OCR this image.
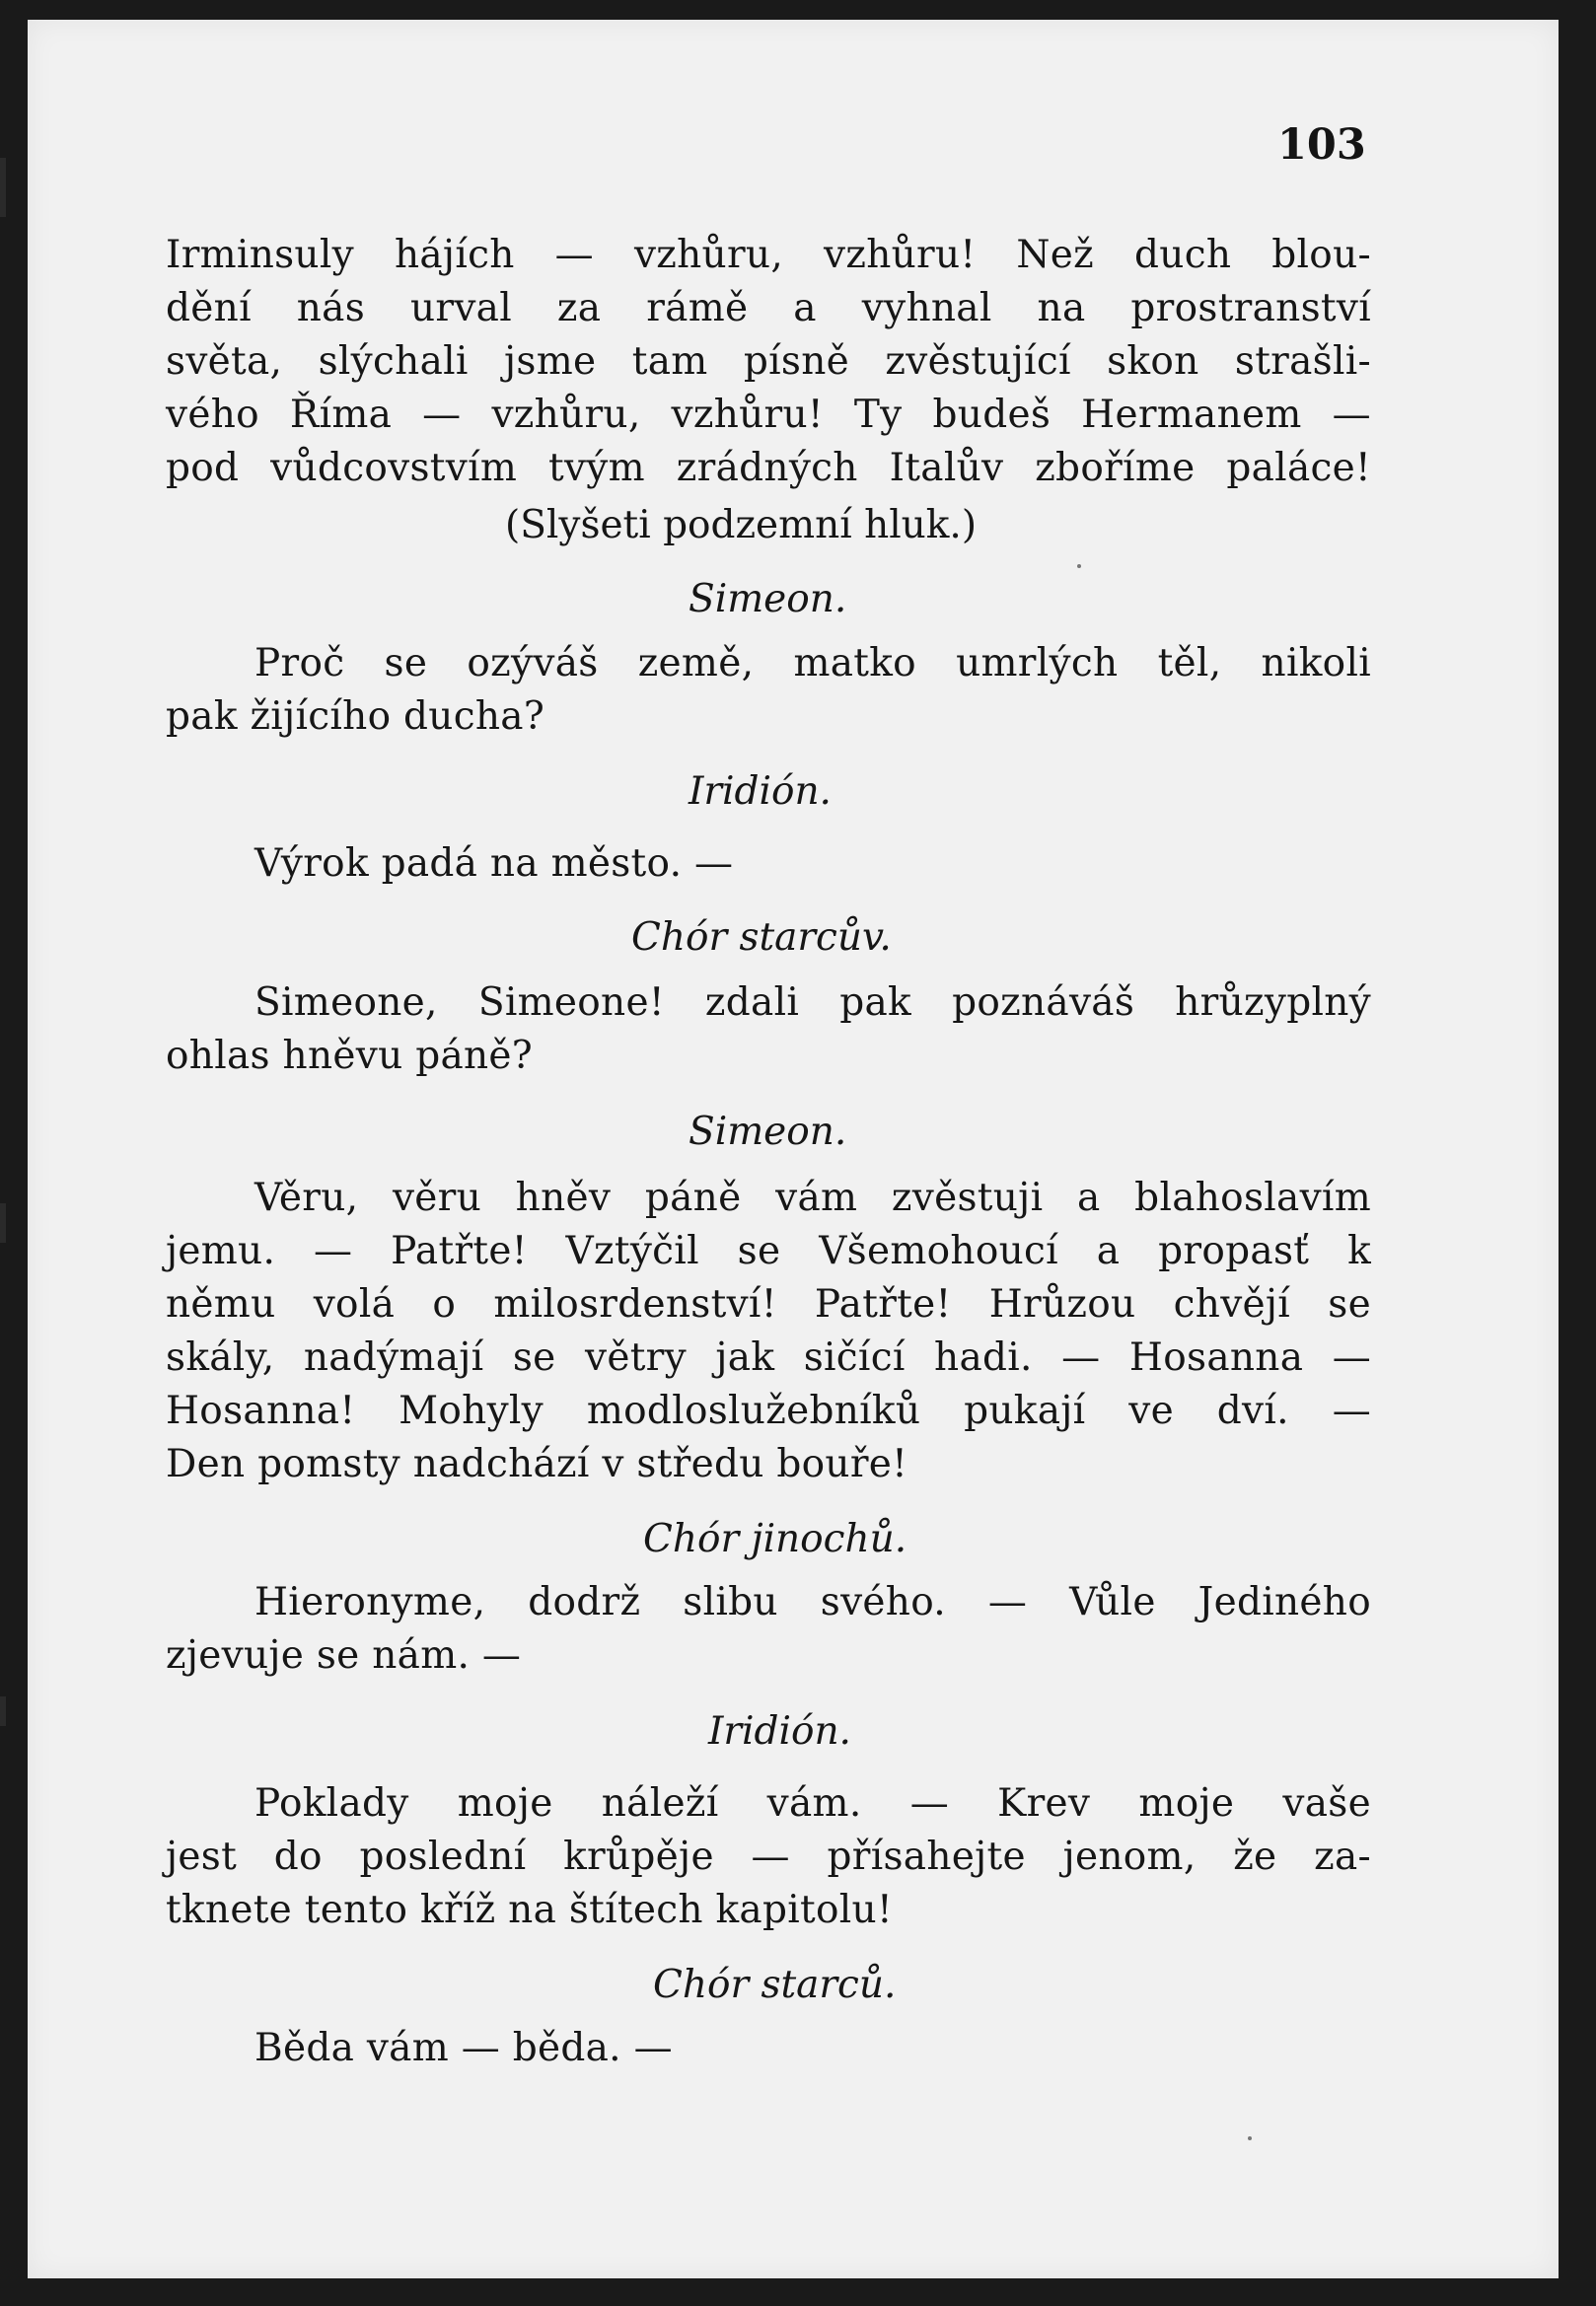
103
Irminsuly hájích — vzhůru, vzhůru! Než duch blou-
dění nás urval za rámě a vyhnal na prostranství
světa, slýchali jsme tam písně zvěstující skon strašli-
vého Říma — vzhůru, vzhůru! Ty budeš Hermanem —
pod vůdcovstvím tvým zrádných Italův zboříme paláce!
(Slyšeti podzemní hluk.)
Simeon.
Proč se ozýváš země, matko umrlých těl, nikoli
pak žijícího ducha?
Iridión.
Výrok padá na město. —
Chór starcův.
Simeone, Simeone! zdali pak poznáváš hrůzyplný
ohlas hněvu páně?
Simeon.
Věru, věru hněv páně vám zvěstuji a blahoslavím
jemu. — Patřte! Vztýčil se Všemohoucí a propasť k
němu volá o milosrdenství! Patřte! Hrůzou chvějí se
skály, nadýmají se větry jak sičící hadi. — Hosanna —
Hosanna! Mohyly modloslužebníků pukají ve dví. —
Den pomsty nadchází v středu bouře!
Chór jinochů.
Hieronyme, dodrž slibu svého. — Vůle Jediného
zjevuje se nám. —
Iridión.
Poklady moje náleží vám. — Krev moje vaše
jest do poslední krůpěje — přísahejte jenom, že za-
tknete tento kříž na štítech kapitolu!
Chór starců.
Běda vám — běda. —
